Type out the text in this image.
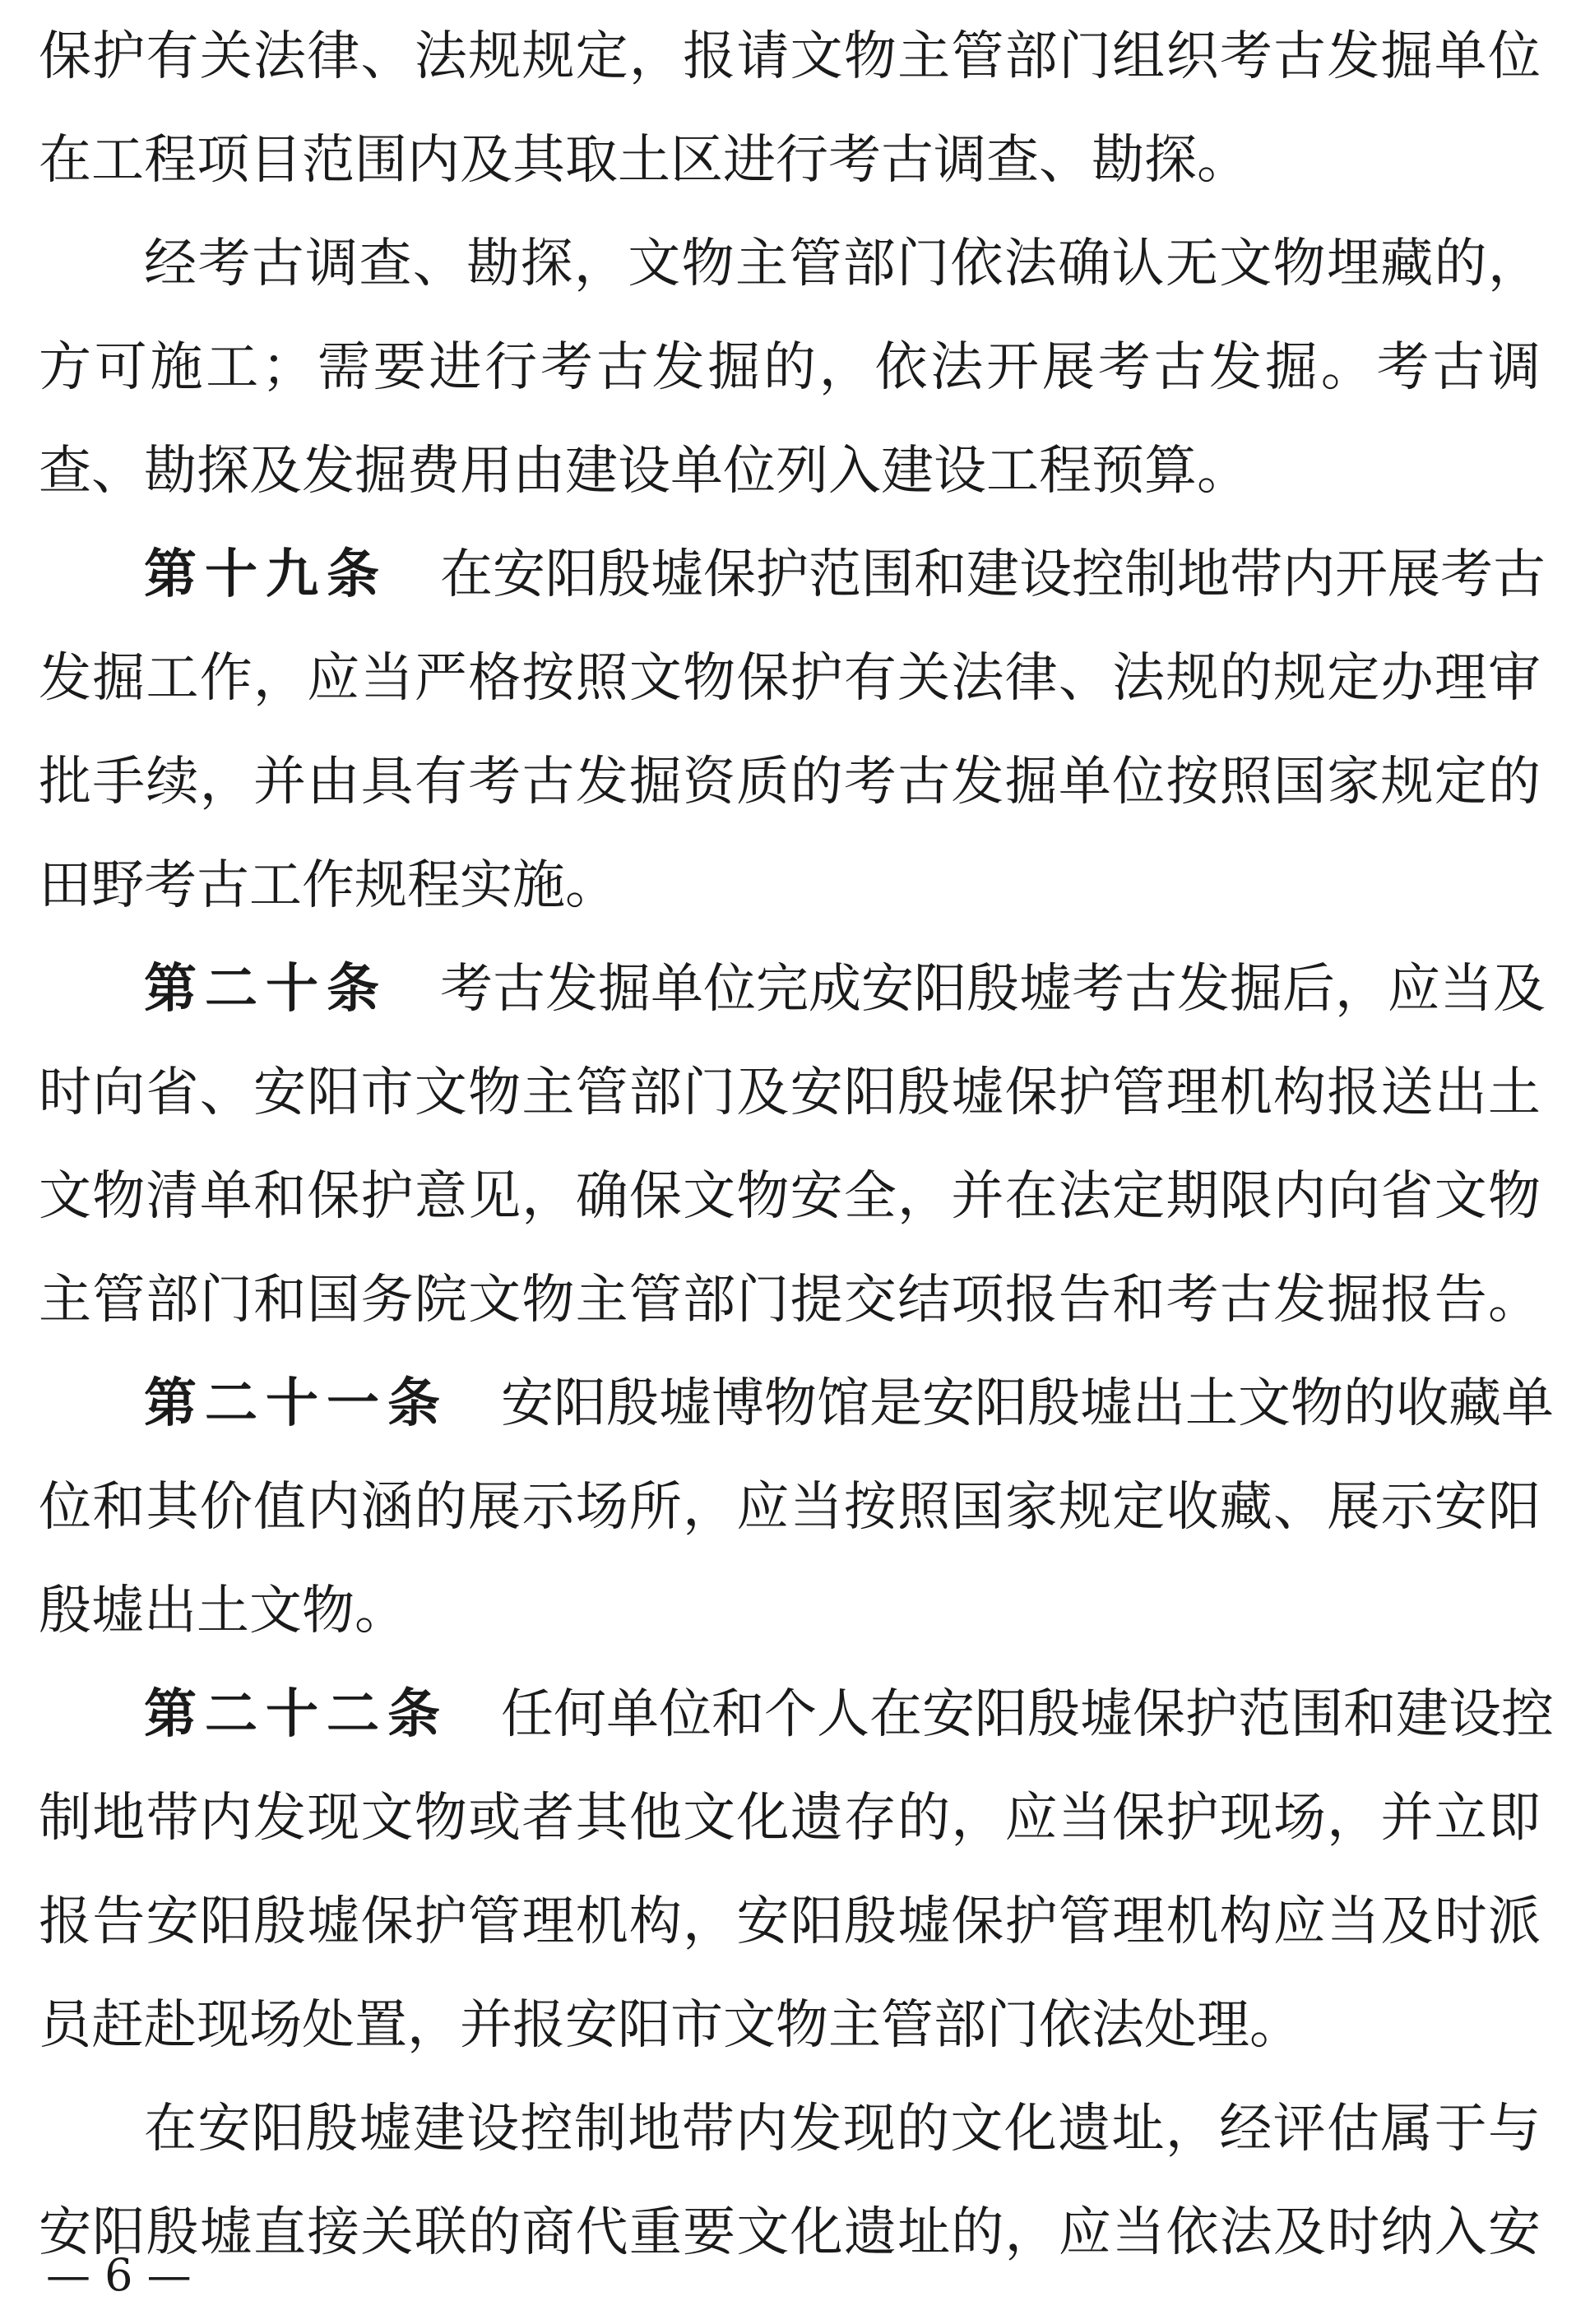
保护有关法律、法规规定，报请文物主管部门组织考古发掘单位
在工程项目范围内及其取土区进行考古调查、勘探。
经考古调查、勘探，文物主管部门依法确认无文物埋藏的，
方可施工；需要进行考古发掘的，依法开展考古发掘。考古调
查、勘探及发掘费用由建设单位列入建设工程预算。
第十九条 在安阳殷墟保护范围和建设控制地带内开展考古
发掘工作，应当严格按照文物保护有关法律、法规的规定办理审
批手续，并由具有考古发掘资质的考古发掘单位按照国家规定的
田野考古工作规程实施。
第二十条 考古发掘单位完成安阳殷墟考古发掘后，应当及
时向省、安阳市文物主管部门及安阳殷墟保护管理机构报送出土
文物清单和保护意见，确保文物安全，并在法定期限内向省文物
主管部门和国务院文物主管部门提交结项报告和考古发掘报告。
第二十一条 安阳殷墟博物馆是安阳殷墟出土文物的收藏单
位和其价值内涵的展示场所，应当按照国家规定收藏、展示安阳
殷墟出土文物。
第二十二条 任何单位和个人在安阳殷墟保护范围和建设控
制地带内发现文物或者其他文化遗存的，应当保护现场，并立即
报告安阳殷墟保护管理机构，安阳殷墟保护管理机构应当及时派
员赶赴现场处置，并报安阳市文物主管部门依法处理。
在安阳殷墟建设控制地带内发现的文化遗址，经评估属于与
安阳殷墟直接关联的商代重要文化遗址的，应当依法及时纳入安
— 6 —
